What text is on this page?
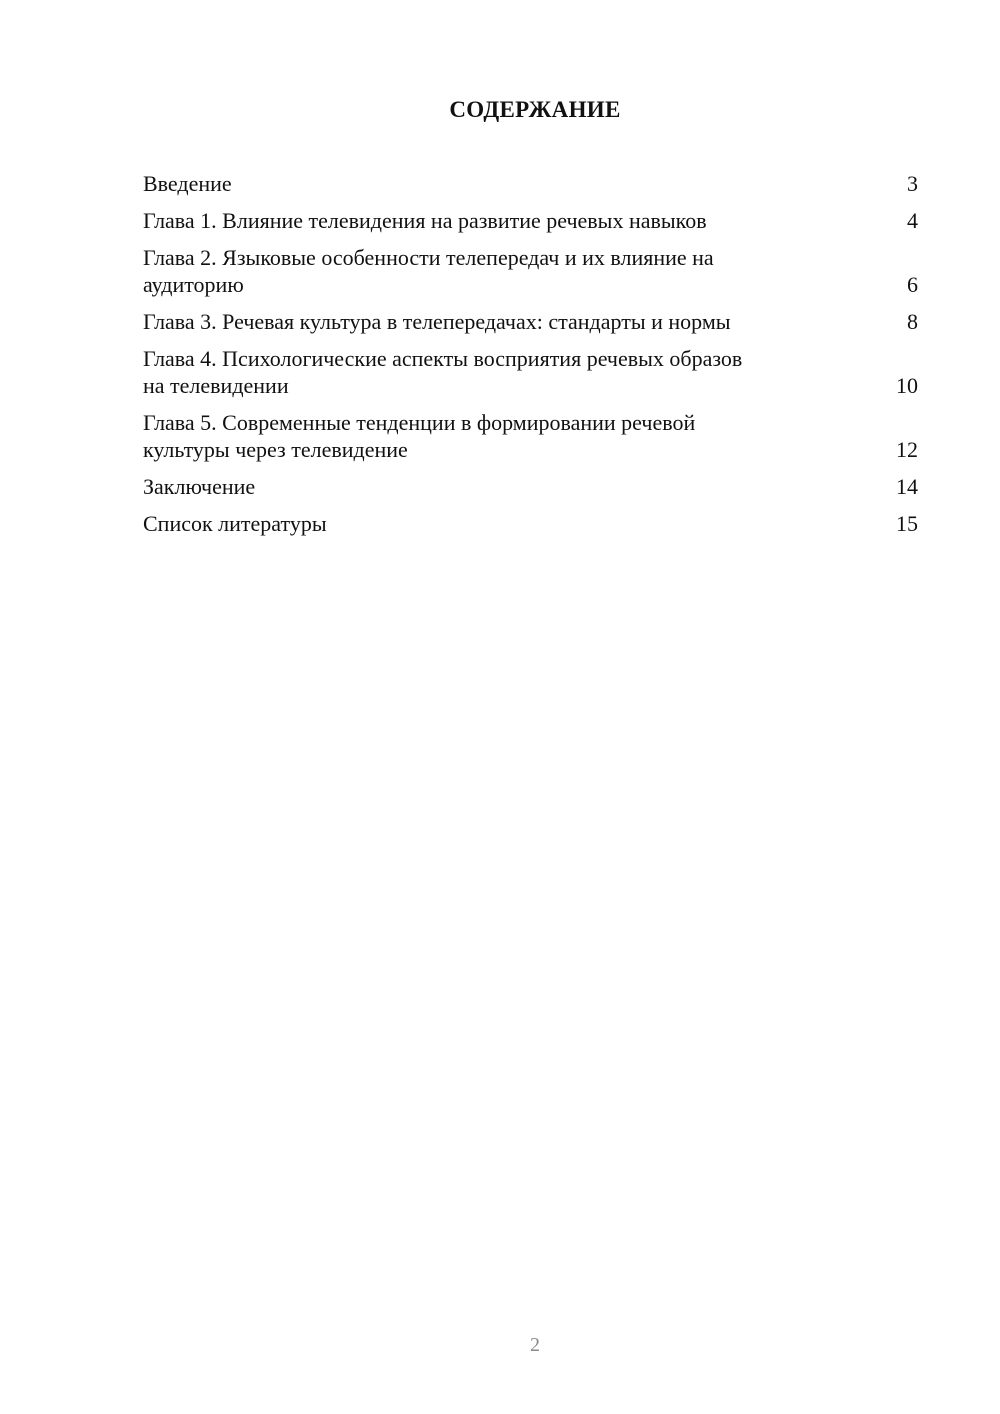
СОДЕРЖАНИЕ
Введение	3
Глава 1. Влияние телевидения на развитие речевых навыков	4
Глава 2. Языковые особенности телепередач и их влияние на
аудиторию	6
Глава 3. Речевая культура в телепередачах: стандарты и нормы	8
Глава 4. Психологические аспекты восприятия речевых образов
на телевидении	10
Глава 5. Современные тенденции в формировании речевой
культуры через телевидение	12
Заключение	14
Список литературы	15
2
